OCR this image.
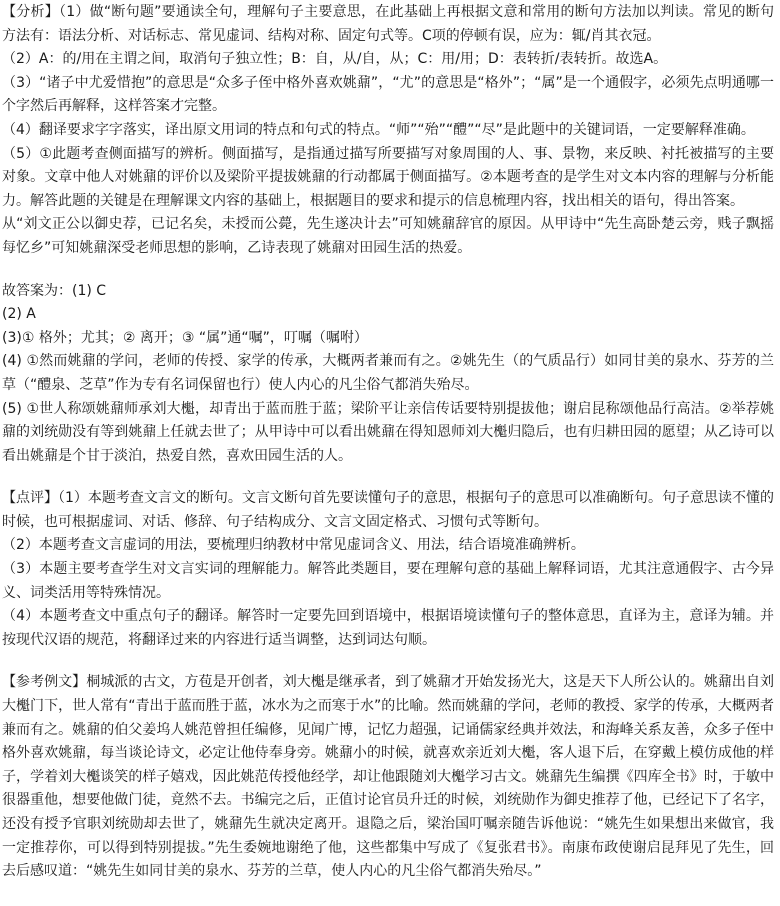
【分析】（1）做“断句题”要通读全句，理解句子主要意思，在此基础上再根据文意和常用的断句方法加以判读。常见的断句方法有：语法分析、对话标志、常见虚词、结构对称、固定句式等。C项的停顿有误，应为：辄/肖其衣冠。

（2）A：的/用在主谓之间，取消句子独立性；B：自，从/自，从；C：用/用；D：表转折/表转折。故选A。

（3）“诸子中尤爱惜抱”的意思是“众多子侄中格外喜欢姚鼐”，“尤”的意思是“格外”；“属”是一个通假字，必须先点明通哪一个字然后再解释，这样答案才完整。

（4）翻译要求字字落实，译出原文用词的特点和句式的特点。“师”“殆”“醴”“尽”是此题中的关键词语，一定要解释准确。

（5）①此题考查侧面描写的辨析。侧面描写，是指通过描写所要描写对象周围的人、事、景物，来反映、衬托被描写的主要对象。文章中他人对姚鼐的评价以及梁阶平提拔姚鼐的行动都属于侧面描写。②本题考查的是学生对文本内容的理解与分析能力。解答此题的关键是在理解课文内容的基础上，根据题目的要求和提示的信息梳理内容，找出相关的语句，得出答案。

从“刘文正公以御史荐，已记名矣，未授而公薨，先生遂决计去”可知姚鼐辞官的原因。从甲诗中“先生高卧楚云旁，贱子飘摇每忆乡”可知姚鼐深受老师思想的影响，乙诗表现了姚鼐对田园生活的热爱。

故答案为：(1) C

(2) A

(3)① 格外；尤其；② 离开；③ “属”通“嘱”，叮嘱（嘱咐）

(4) ①然而姚鼐的学问，老师的传授、家学的传承，大概两者兼而有之。②姚先生（的气质品行）如同甘美的泉水、芬芳的兰草（“醴泉、芝草”作为专有名词保留也行）使人内心的凡尘俗气都消失殆尽。

(5) ①世人称颂姚鼐师承刘大櫆，却青出于蓝而胜于蓝；梁阶平让亲信传话要特别提拔他；谢启昆称颂他品行高洁。②举荐姚鼐的刘统勋没有等到姚鼐上任就去世了；从甲诗中可以看出姚鼐在得知恩师刘大櫆归隐后，也有归耕田园的愿望；从乙诗可以看出姚鼐是个甘于淡泊，热爱自然，喜欢田园生活的人。

【点评】（1）本题考查文言文的断句。文言文断句首先要读懂句子的意思，根据句子的意思可以准确断句。句子意思读不懂的时候，也可根据虚词、对话、修辞、句子结构成分、文言文固定格式、习惯句式等断句。

（2）本题考查文言虚词的用法，要梳理归纳教材中常见虚词含义、用法，结合语境准确辨析。

（3）本题主要考查学生对文言实词的理解能力。解答此类题目，要在理解句意的基础上解释词语，尤其注意通假字、古今异义、词类活用等特殊情况。

（4）本题考查文中重点句子的翻译。解答时一定要先回到语境中，根据语境读懂句子的整体意思，直译为主，意译为辅。并按现代汉语的规范，将翻译过来的内容进行适当调整，达到词达句顺。

【参考例文】桐城派的古文，方苞是开创者，刘大櫆是继承者，到了姚鼐才开始发扬光大，这是天下人所公认的。姚鼐出自刘大櫆门下，世人常有“青出于蓝而胜于蓝，冰水为之而寒于水”的比喻。然而姚鼐的学问，老师的教授、家学的传承，大概两者兼而有之。姚鼐的伯父姜坞人姚范曾担任编修，见闻广博，记忆力超强，记诵儒家经典并效法，和海峰关系友善，众多子侄中格外喜欢姚鼐，每当谈论诗文，必定让他侍奉身旁。姚鼐小的时候，就喜欢亲近刘大櫆，客人退下后，在穿戴上模仿成他的样子，学着刘大櫆谈笑的样子嬉戏，因此姚范传授他经学，却让他跟随刘大櫆学习古文。姚鼐先生编撰《四库全书》时，于敏中很器重他，想要他做门徒，竟然不去。书编完之后，正值讨论官员升迁的时候，刘统勋作为御史推荐了他，已经记下了名字，还没有授予官职刘统勋却去世了，姚鼐先生就决定离开。退隐之后，梁治国叮嘱亲随告诉他说：“姚先生如果想出来做官，我一定推荐你，可以得到特别提拔。”先生委婉地谢绝了他，这些都集中写成了《复张君书》。南康布政使谢启昆拜见了先生，回去后感叹道：“姚先生如同甘美的泉水、芬芳的兰草，使人内心的凡尘俗气都消失殆尽。”
